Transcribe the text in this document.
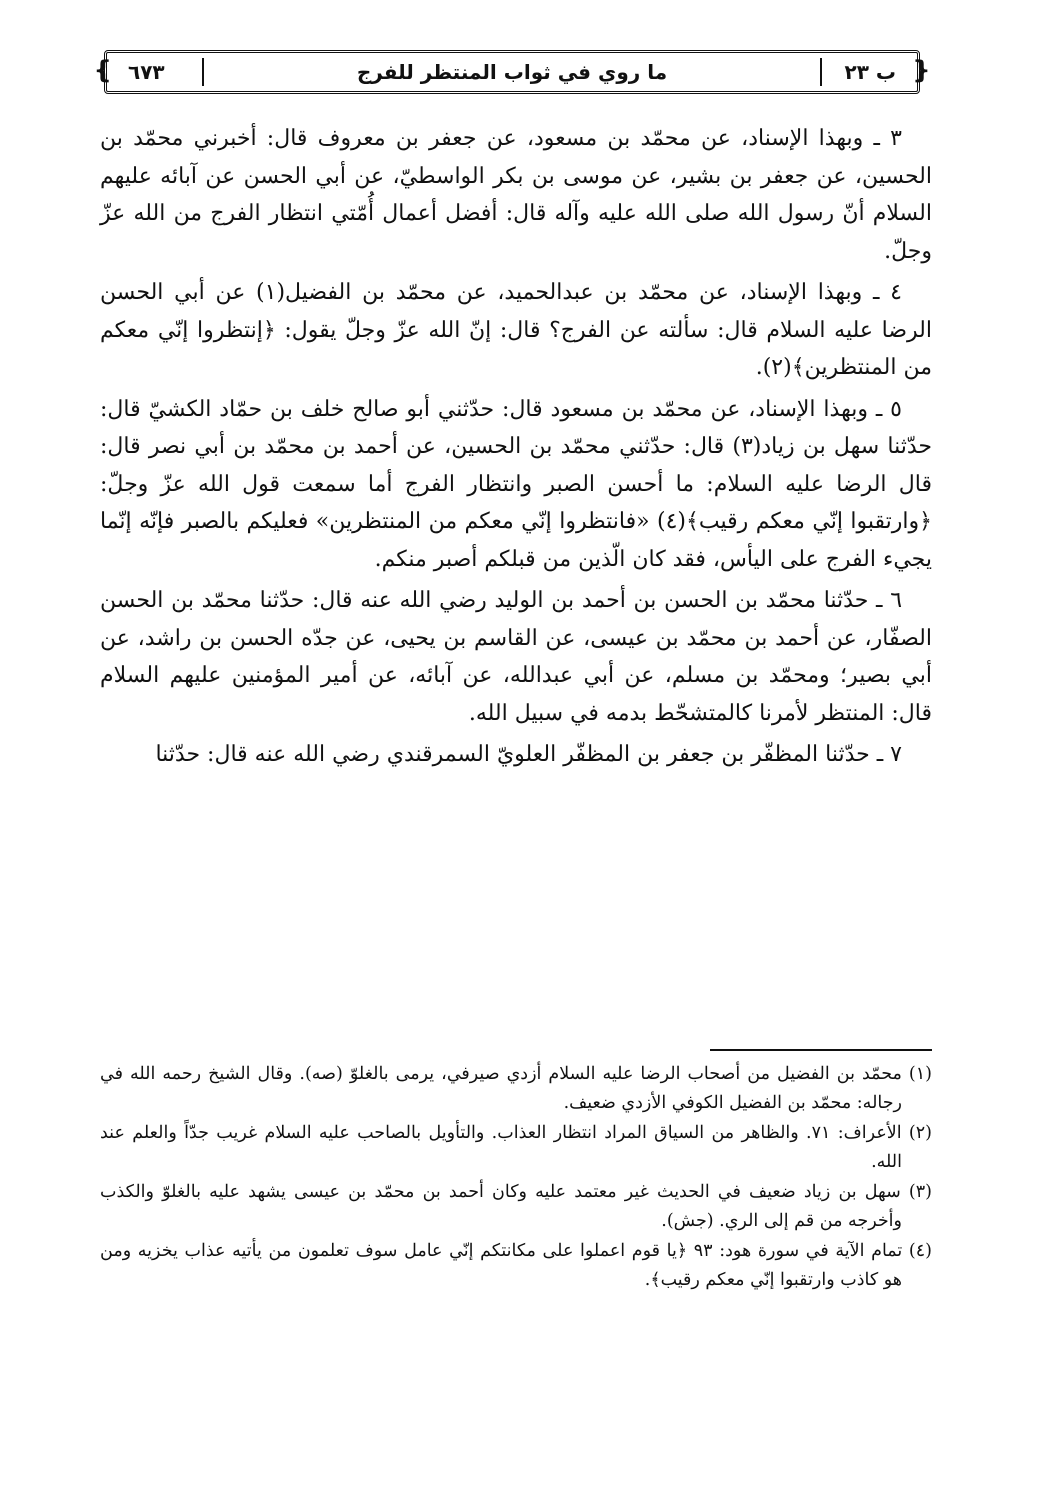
❴	❵
٦٧٣	ما روي في ثواب المنتظر للفرج	ب ٢٣

٣ ـ وبهذا الإسناد، عن محمّد بن مسعود، عن جعفر بن معروف قال: أخبرني محمّد بن الحسين، عن جعفر بن بشير، عن موسى بن بكر الواسطيّ، عن أبي الحسن عن آبائه عليهم السلام أنّ رسول الله صلى الله عليه وآله قال: أفضل أعمال أُمّتي انتظار الفرج من الله عزّ وجلّ.

٤ ـ وبهذا الإسناد، عن محمّد بن عبدالحميد، عن محمّد بن الفضيل(١) عن أبي الحسن الرضا عليه السلام قال: سألته عن الفرج؟ قال: إنّ الله عزّ وجلّ يقول: ﴿إنتظروا إنّي معكم من المنتظرين﴾(٢).

٥ ـ وبهذا الإسناد، عن محمّد بن مسعود قال: حدّثني أبو صالح خلف بن حمّاد الكشيّ قال: حدّثنا سهل بن زياد(٣) قال: حدّثني محمّد بن الحسين، عن أحمد بن محمّد بن أبي نصر قال: قال الرضا عليه السلام: ما أحسن الصبر وانتظار الفرج أما سمعت قول الله عزّ وجلّ: ﴿وارتقبوا إنّي معكم رقيب﴾(٤) «فانتظروا إنّي معكم من المنتظرين» فعليكم بالصبر فإنّه إنّما يجيء الفرج على اليأس، فقد كان الّذين من قبلكم أصبر منكم.

٦ ـ حدّثنا محمّد بن الحسن بن أحمد بن الوليد رضي الله عنه قال: حدّثنا محمّد بن الحسن الصفّار، عن أحمد بن محمّد بن عيسى، عن القاسم بن يحيى، عن جدّه الحسن بن راشد، عن أبي بصير؛ ومحمّد بن مسلم، عن أبي عبدالله، عن آبائه، عن أمير المؤمنين عليهم السلام قال: المنتظر لأمرنا كالمتشحّط بدمه في سبيل الله.

٧ ـ حدّثنا المظفّر بن جعفر بن المظفّر العلويّ السمرقندي رضي الله عنه قال: حدّثنا

(١) محمّد بن الفضيل من أصحاب الرضا عليه السلام أزدي صيرفي، يرمى بالغلوّ (صه). وقال الشيخ رحمه الله في رجاله: محمّد بن الفضيل الكوفي الأزدي ضعيف.

(٢) الأعراف: ٧١. والظاهر من السياق المراد انتظار العذاب. والتأويل بالصاحب عليه السلام غريب جدّاً والعلم عند الله.

(٣) سهل بن زياد ضعيف في الحديث غير معتمد عليه وكان أحمد بن محمّد بن عيسى يشهد عليه بالغلوّ والكذب وأخرجه من قم إلى الري. (جش).

(٤) تمام الآية في سورة هود: ٩٣ ﴿يا قوم اعملوا على مكانتكم إنّي عامل سوف تعلمون من يأتيه عذاب يخزيه ومن هو كاذب وارتقبوا إنّي معكم رقيب﴾.
